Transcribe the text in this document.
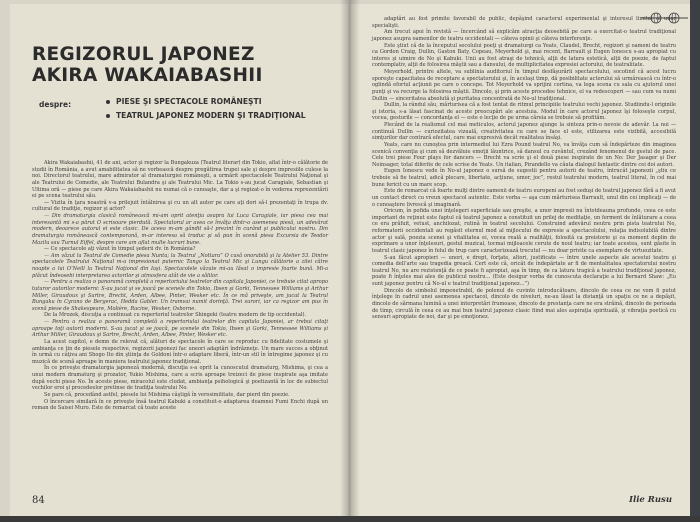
REGIZORUL JAPONEZ
AKIRA WAKAIABASHII
despre:	PIESE ŞI SPECTACOLE ROMÂNEŞTI
TEATRUL JAPONEZ MODERN ŞI TRADIŢIONAL

Akira Wakaiabashii, 41 de ani, actor şi regizor la Bungakuza (Teatrul literar) din Tokio, aflat într-o călătorie de studii în România, a avut amabilitatea să ne vorbească despre pregătirea trupei sale şi despre impresiile culese la noi. Directorul teatrului, mare admirator al dramaturgiei româneşti, a urmărit spectacolele Teatrului Naţional şi ale Teatrului de Comedie, ale Teatrului Bulandra şi ale Teatrului Mic. La Tokio s-au jucat Caragiale, Sebastian şi Ultima oră — piese pe care Akira Wakaiabashii nu numai că o cunoaşte, dar a şi regizat-o în vederea reprezentării ei pe scena teatrului său.

— Vizita în ţara noastră v-a prilejuit întâlnirea şi cu un alt autor pe care aţi dori să-l prezentaţi în trupa dv. cultural de tradiţie, regizor şi actor?

— Din dramaturgia clasică românească mi-am oprit atenţia asupra lui Luca Caragiale, iar piesa cea mai interesantă mi s-a părut O scrisoare pierdută. Spectatorul ar avea ce învăţa dintr-o asemenea piesă, un adevărat modern, deoarece autorul ei este clasic. De aceea m-am gândit să-l prezint în curând şi publicului nostru. Din dramaturgia românească contemporană, m-ar interesa să traduc şi să pun în scenă piesa Excursia de Teodor Mazilu sau Turnul Eiffel, despre care am aflat multe lucruri bune.

— Ce spectacole aţi văzut în timpul şederii dv. în România?

— Am văzut la Teatrul de Comedie piesa Nunta; la Teatrul „Nottara” O casă onorabilă şi la Atelier 53. Dintre spectacolele Teatrului Naţional m-a impresionat puternic Tango la Teatrul Mic şi Lungu călătorie a zilei către noapte a lui O’Neill la Teatrul Naţional din Iaşi. Spectacolele văzute mi-au lăsat o impresie foarte bună. Mi-a plăcut îndeosebi interpretarea actorilor şi atmosfera atât de vie a sălilor.

— Pentru a realiza o panoramă completă a repertoriului teatrelor din capitala Japoniei, ce trebuie citat apropo tuturor autorilor moderni: S-au jucat şi se joacă pe scenele din Tokio, Ibsen şi Gorki, Tennessee Williams şi Arthur Miller, Giraudoux şi Sartre, Brecht, Arden, Albee, Pinter, Wesker etc. În ce mă priveşte, am jucat la Teatrul Bungaku în Cyrano de Bergerac, Hedda Gabler. Un tramvai numit dorinţă. Trei surori, iar ca regizor am pus în scenă piese de Shakespeare, Molière, Racine, Wesker, Osborne.

De la Mrozek, discuţia a continuat cu repertoriul teatrelor Shingeki (teatru modern de tip occidental).

— Pentru a realiza o panoramă completă a repertoriului teatrelor din capitala Japoniei, ar trebui citaţi aproape toţi autorii moderni. S-au jucat şi se joacă, pe scenele din Tokio, Ibsen şi Gorki, Tennessee Williams şi Arthur Miller, Giraudoux şi Sartre, Brecht, Arden, Albee, Pinter, Wesker etc.

La acest capitol, e demn de relevat că, alături de spectacole în care se reproduc cu fidelitate costumele şi ambianţa ce ţin de piesele respective, regizorii japonezi fac uneori adaptări îndrăzneţe. Un mare succes a obţinut în urmă cu câţiva ani Shogo Ito din ştiinţa de Goldoni într-o adaptare liberă, într-un stil în întregime japonez şi cu muzică de scenă aproape în maniera teatrului japonez tradiţional.

În ce priveşte dramaturgia japoneză modernă, discuţia s-a oprit la cunoscutul dramaturg, Mishima, şi cea a unui modern dramaturg şi prozator, Yukio Mishima, care a scris aproape treizeci de piese inspirate aşa imitate după vechi piese No. În aceste piese, miracolul este cludat, ambianţa psihologică şi poetizantă în loc de subiectul vechilor eroi şi procedeelor pretinse de tradiţia teatrului No.

Se pare că, procedând astfel, piesele lui Mishima câştigă în verosimilitate, dar pierd din poezie.

O încercare similară în ce priveşte însă teatrul Kabuki a constituit-o adaptarea doamnei Fumi Enchi după un roman de Saisei Muro. Este de remarcat că toate aceste

84

adaptări au fost primite favorabil de public, depăşind caracterul experimental şi interesul limitat al unor specialişti.

Am trecut apoi în revistă — încercând să explicăm atracţia deosebită pe care a exercitat-o teatrul tradiţional japonez asupra oamenilor de teatru occidentali — câteva opinii şi câteva interferenţe.

Este ştiut că de la începutul secolului poeţi şi dramaturgi ca Yeats, Claudel, Brecht, regizori şi oameni de teatru ca Gordon Craig, Dullin, Gaston Baty, Copeau, Meyerhold şi, mai recent, Barrault şi Eugen Ionescu s-au apropiat cu interes şi uimire de No şi Kabuki. Unii au fost atraşi de tehnică, alţii de latura estetică, alţii de poezie, de faptul contemplativ, alţii de folosirea măştii sau a dansului, de multiplicitatea expresiei actorului, de teatralitate.

Meyerhold, printre altele, va sublinia auditoriul în timpul desfăşurării spectacolului, socotind că acest lucru sporeşte capacitatea de receptare a spectatorului şi, în acelaşi timp, dă posibilitate actorului să urmărească cu într-o oglindă efortul acţiunii pe care o concepe. Tot Meyerhold va sprijini cortina, va lega scena cu sala cu ajutorul unei punţi şi va recurge la folosirea măştii. Dincolo, şi prin aceste procedee tehnice, el va redescoperi — sau cum va numi Dullin — sinceritatea absolută şi puritatea concentrată de No-ul tradiţional.

Dullin, la rândul său, mărturisea că a fost tentat de ritmul principiile teatrului vechi japonez. Studiindu-l originile şi istoria, s-a lăsat fascinat de aceste preocupări ale acestuia. Modul în care actorul japonez îşi foloseşte corpul, vocea, gesturile — concordanţa el — este o lecţie de pe urma căreia se trebuie să profităm.

Plecând de la realismul cel mai meticulos, actorul japonez ajunge la sinteza prin-o nevoie de adevăr. La noi — continuă Dullin — curiozitatea vizuală, creativitatea cu care se face el este, stilizarea este vizibilă, accesibilă simţurilor dar contrară efectul, care mai expresivă decât realitatea însăşi.

Yeats, care nu cunoştea prin intermediul lui Ezra Pound teatrul No, va învăţa cum să îndepărteze din imaginea scenică convenţia şi cum să dezvăluie emoţii lăuntrice, să dansul cu cuvântul, crezând fenomenul de gestul de pace. Cele trei piese Four plays for dancers — Brecht va scrie şi el două piese inspirate de un No: Der Jasager şi Der Neinsager, total diferite de cele scrise de Yeats. Un italian, Pirandello va căuta dialogul fantastic dintre cei doi autori.

Eugen Ionescu vede în No-ul japonez o sursă de sugestii pentru autorii de teatru, întrucât japonezii „ştiu ce trebuie să fie teatrul, adică plecare, libertate, acţiune, umor, joc”, restul teatrului modern, teatrul literal, în cel mai bune fericit cu un mare scop.

Este de remarcat că foarte mulţi dintre oamenii de teatru europeni au fost seduşi de teatrul japonez fără a fi avut un contact direct cu vreun spectacol autentic. Este vorba — aşa cum mărturisea Barrault, unul din cei implicaţi — de o cunoaştere livrescă şi imaginară.

Oricum, în pofida unei înţelegeri superficiale sau greşite, a unor impresii nu întotdeauna profunde, ceea ce este important de reţinut este faptul că teatrul japonez a constituit un prilej de meditaţie, un ferment de înlăturare a ceea ce era prăfuit, vetust, anchilozat, rutină în teatrul secolului. Construind adevărul neutru prin pista teatrului No, reformatorii occidentali au regăsit eternul mod al mijlocului de expresie a spectacolului, relaţia indisolubilă dintre actor şi sală, poezia scenei şi vitalitatea ei, vocea reală a realităţii, folosită ca preistorie şi ca moment deplin de exprimare a unor înţelesuri, gestul muzical, tocmai mijloacele cerute de noul teatru; iar toate acestea, sunt găsite în teatrul clasic japonez în felul de trup care caracterizează trecutul — nu doar privite ca exemplare de virtuozitate.

S-au făcut apropieri — unori, e drept, forţate, altori, justificate — între unele aspecte ale acestui teatru şi comedia dell’arte sau tragedia greacă. Cert este că, oricât de îndepărtate ar fi de mentalitatea spectatorului nostru teatrul No, nu are rezistenţă de ce poate fi apropiat, aşa în timp, de ca latura tragică a teatrului tradiţional japonez, poate fi înţeles mai ales de publicul nostru... (Este desigur vorba de cunoscuta declaraţie a lui Bernard Shaw: „Eu sunt japonez pentru că No-ul e teatrul tradiţional japonez...”)

Dincolo de simbolul impenetrabil, de polenul de cuvinte introducătoare, dincolo de ceea ce ne vom fi putut înţelege în cadrul unei asemenea spectacol, dincolo de niveluri, ne-au lăsat la distanţă un spaţiu ce ne a depăşit, dincolo de sărmana lumină a unei interpretări frumoase, dincolo de prestanţa care ne era străină, dincolo de perioada de timp, circulă în ceea ce au mai bun teatrul japonez clasic fiind mai ales aspiraţia spirituală, şi vibraţia poetică cu sensuri apropiate de noi, dar şi pe emoţionez.

Ilie Rusu
